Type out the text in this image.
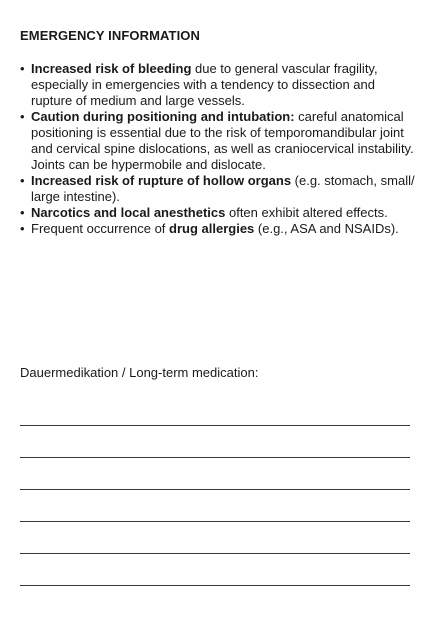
EMERGENCY INFORMATION
• Increased risk of bleeding due to general vascular fragility, especially in emergencies with a tendency to dissection and rupture of medium and large vessels.
• Caution during positioning and intubation: careful anatomical positioning is essential due to the risk of temporomandibular joint and cervical spine dislocations, as well as craniocervical instability. Joints can be hypermobile and dislocate.
• Increased risk of rupture of hollow organs (e.g. stomach, small/ large intestine).
• Narcotics and local anesthetics often exhibit altered effects.
• Frequent occurrence of drug allergies (e.g., ASA and NSAIDs).
Dauermedikation / Long-term medication:
